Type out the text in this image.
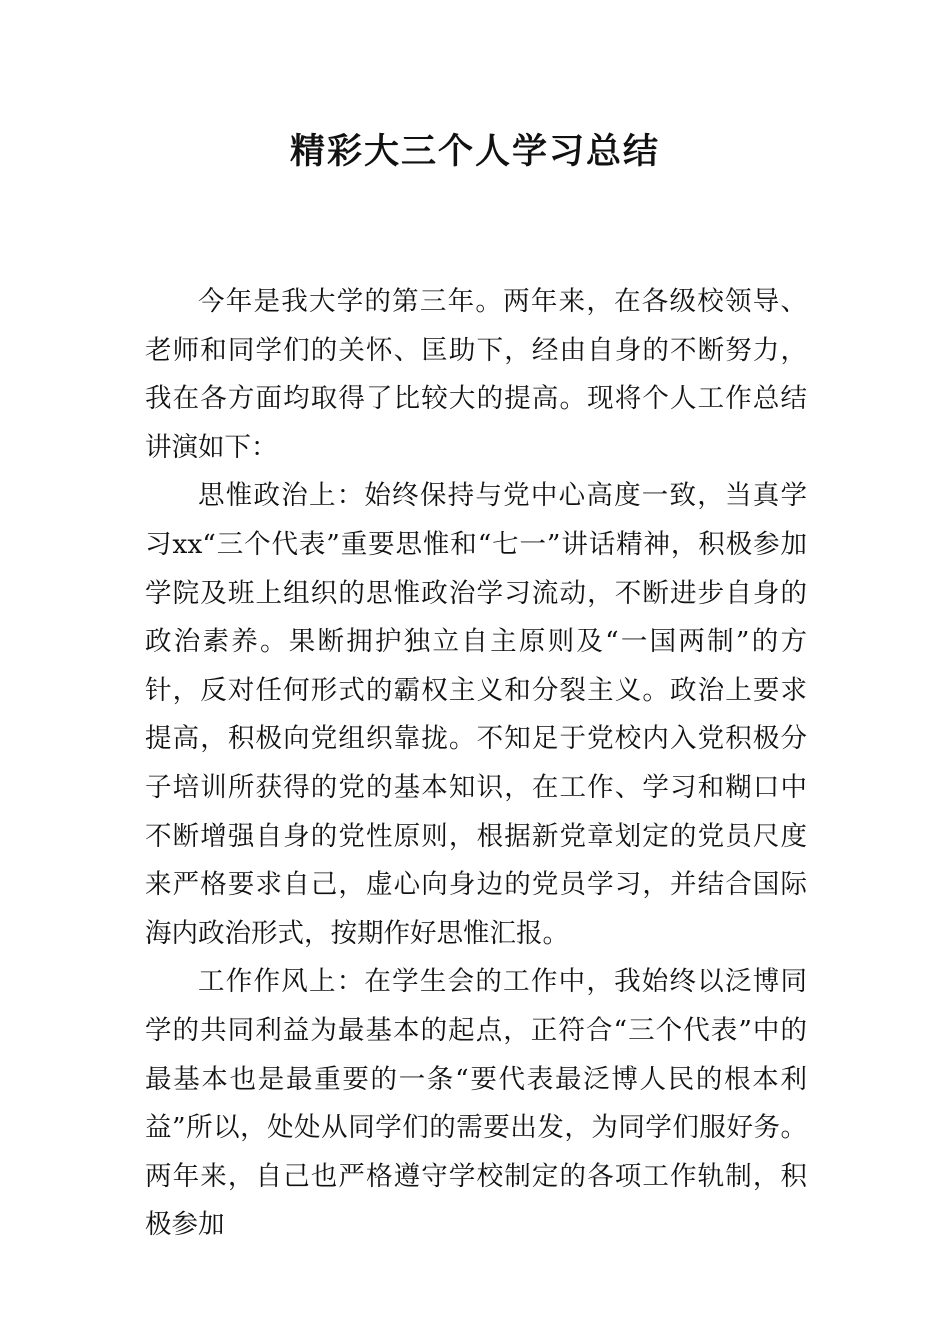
精彩大三个人学习总结

今年是我大学的第三年。两年来，在各级校领导、老师和同学们的关怀、匡助下，经由自身的不断努力，我在各方面均取得了比较大的提高。现将个人工作总结讲演如下：

思惟政治上：始终保持与党中心高度一致，当真学习xx“三个代表”重要思惟和“七一”讲话精神，积极参加学院及班上组织的思惟政治学习流动，不断进步自身的政治素养。果断拥护独立自主原则及“一国两制”的方针，反对任何形式的霸权主义和分裂主义。政治上要求提高，积极向党组织靠拢。不知足于党校内入党积极分子培训所获得的党的基本知识，在工作、学习和糊口中不断增强自身的党性原则，根据新党章划定的党员尺度来严格要求自己，虚心向身边的党员学习，并结合国际海内政治形式，按期作好思惟汇报。

工作作风上：在学生会的工作中，我始终以泛博同学的共同利益为最基本的起点，正符合“三个代表”中的最基本也是最重要的一条“要代表最泛博人民的根本利益”所以，处处从同学们的需要出发，为同学们服好务。两年来，自己也严格遵守学校制定的各项工作轨制，积极参加
